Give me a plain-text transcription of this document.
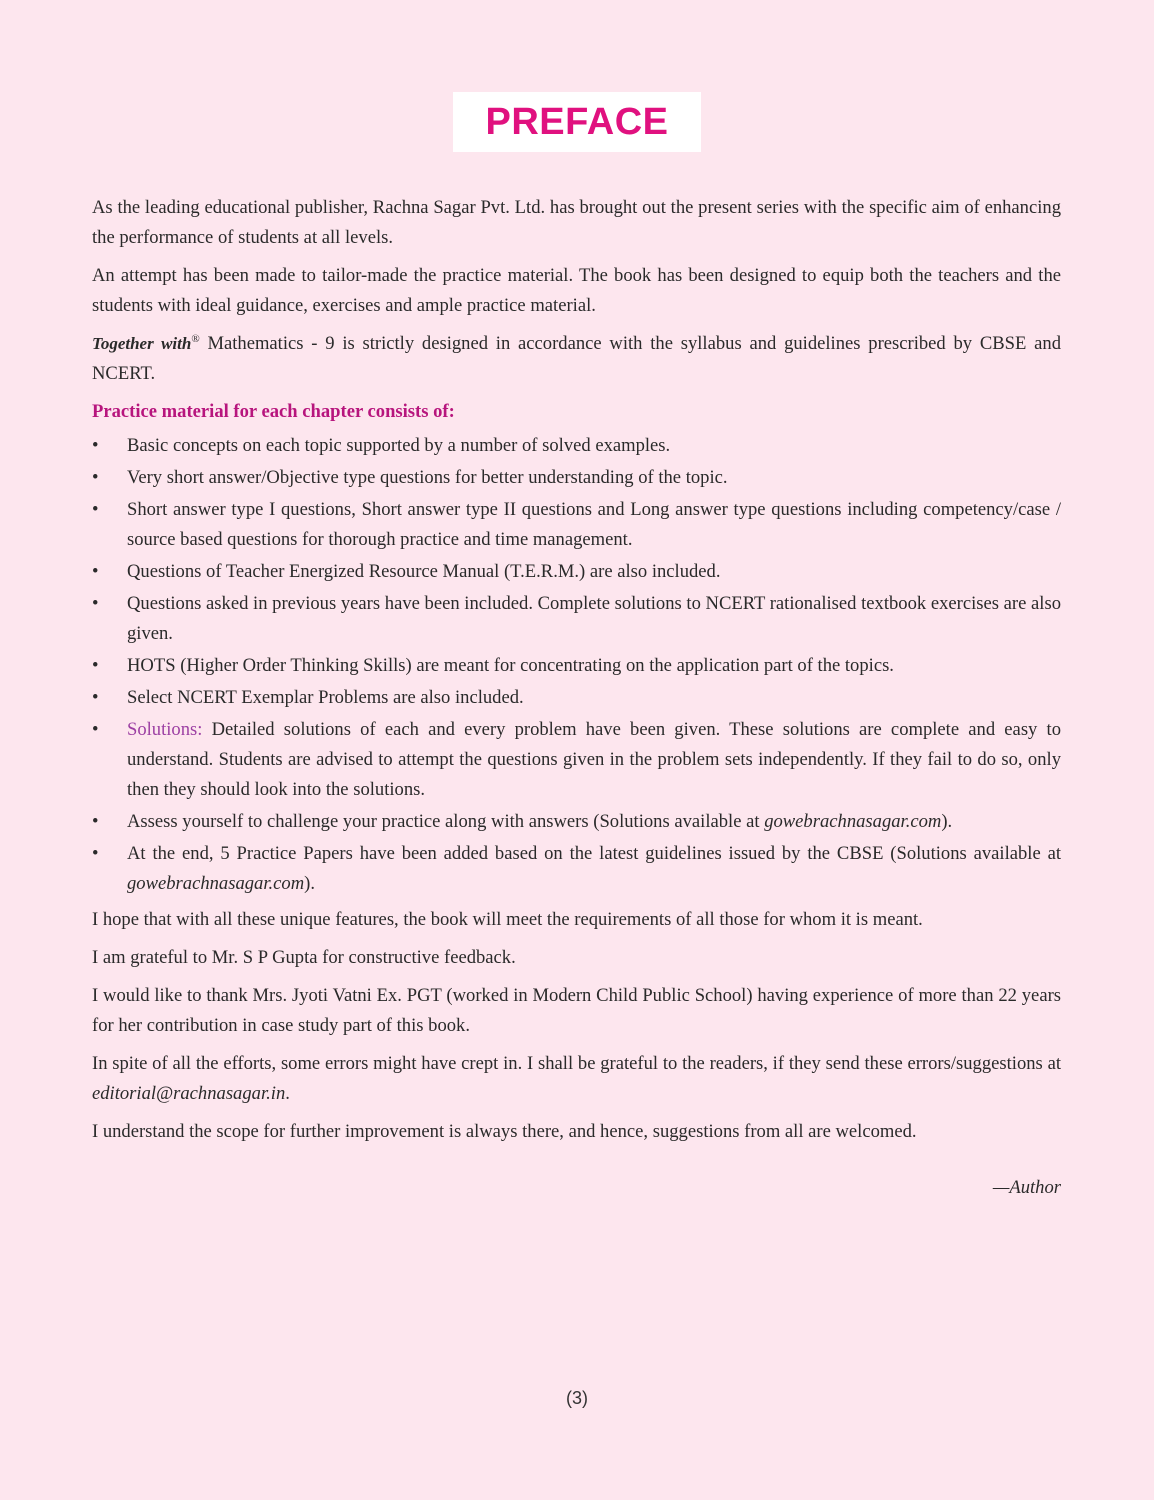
PREFACE

As the leading educational publisher, Rachna Sagar Pvt. Ltd. has brought out the present series with the specific aim of enhancing the performance of students at all levels.

An attempt has been made to tailor-made the practice material. The book has been designed to equip both the teachers and the students with ideal guidance, exercises and ample practice material.

Together with® Mathematics - 9 is strictly designed in accordance with the syllabus and guidelines prescribed by CBSE and NCERT.

Practice material for each chapter consists of:
• Basic concepts on each topic supported by a number of solved examples.
• Very short answer/Objective type questions for better understanding of the topic.
• Short answer type I questions, Short answer type II questions and Long answer type questions including competency/case / source based questions for thorough practice and time management.
• Questions of Teacher Energized Resource Manual (T.E.R.M.) are also included.
• Questions asked in previous years have been included. Complete solutions to NCERT rationalised textbook exercises are also given.
• HOTS (Higher Order Thinking Skills) are meant for concentrating on the application part of the topics.
• Select NCERT Exemplar Problems are also included.
• Solutions: Detailed solutions of each and every problem have been given. These solutions are complete and easy to understand. Students are advised to attempt the questions given in the problem sets independently. If they fail to do so, only then they should look into the solutions.
• Assess yourself to challenge your practice along with answers (Solutions available at gowebrachnasagar.com).
• At the end, 5 Practice Papers have been added based on the latest guidelines issued by the CBSE (Solutions available at gowebrachnasagar.com).

I hope that with all these unique features, the book will meet the requirements of all those for whom it is meant.

I am grateful to Mr. S P Gupta for constructive feedback.

I would like to thank Mrs. Jyoti Vatni Ex. PGT (worked in Modern Child Public School) having experience of more than 22 years for her contribution in case study part of this book.

In spite of all the efforts, some errors might have crept in. I shall be grateful to the readers, if they send these errors/suggestions at editorial@rachnasagar.in.

I understand the scope for further improvement is always there, and hence, suggestions from all are welcomed.

—Author
(3)
